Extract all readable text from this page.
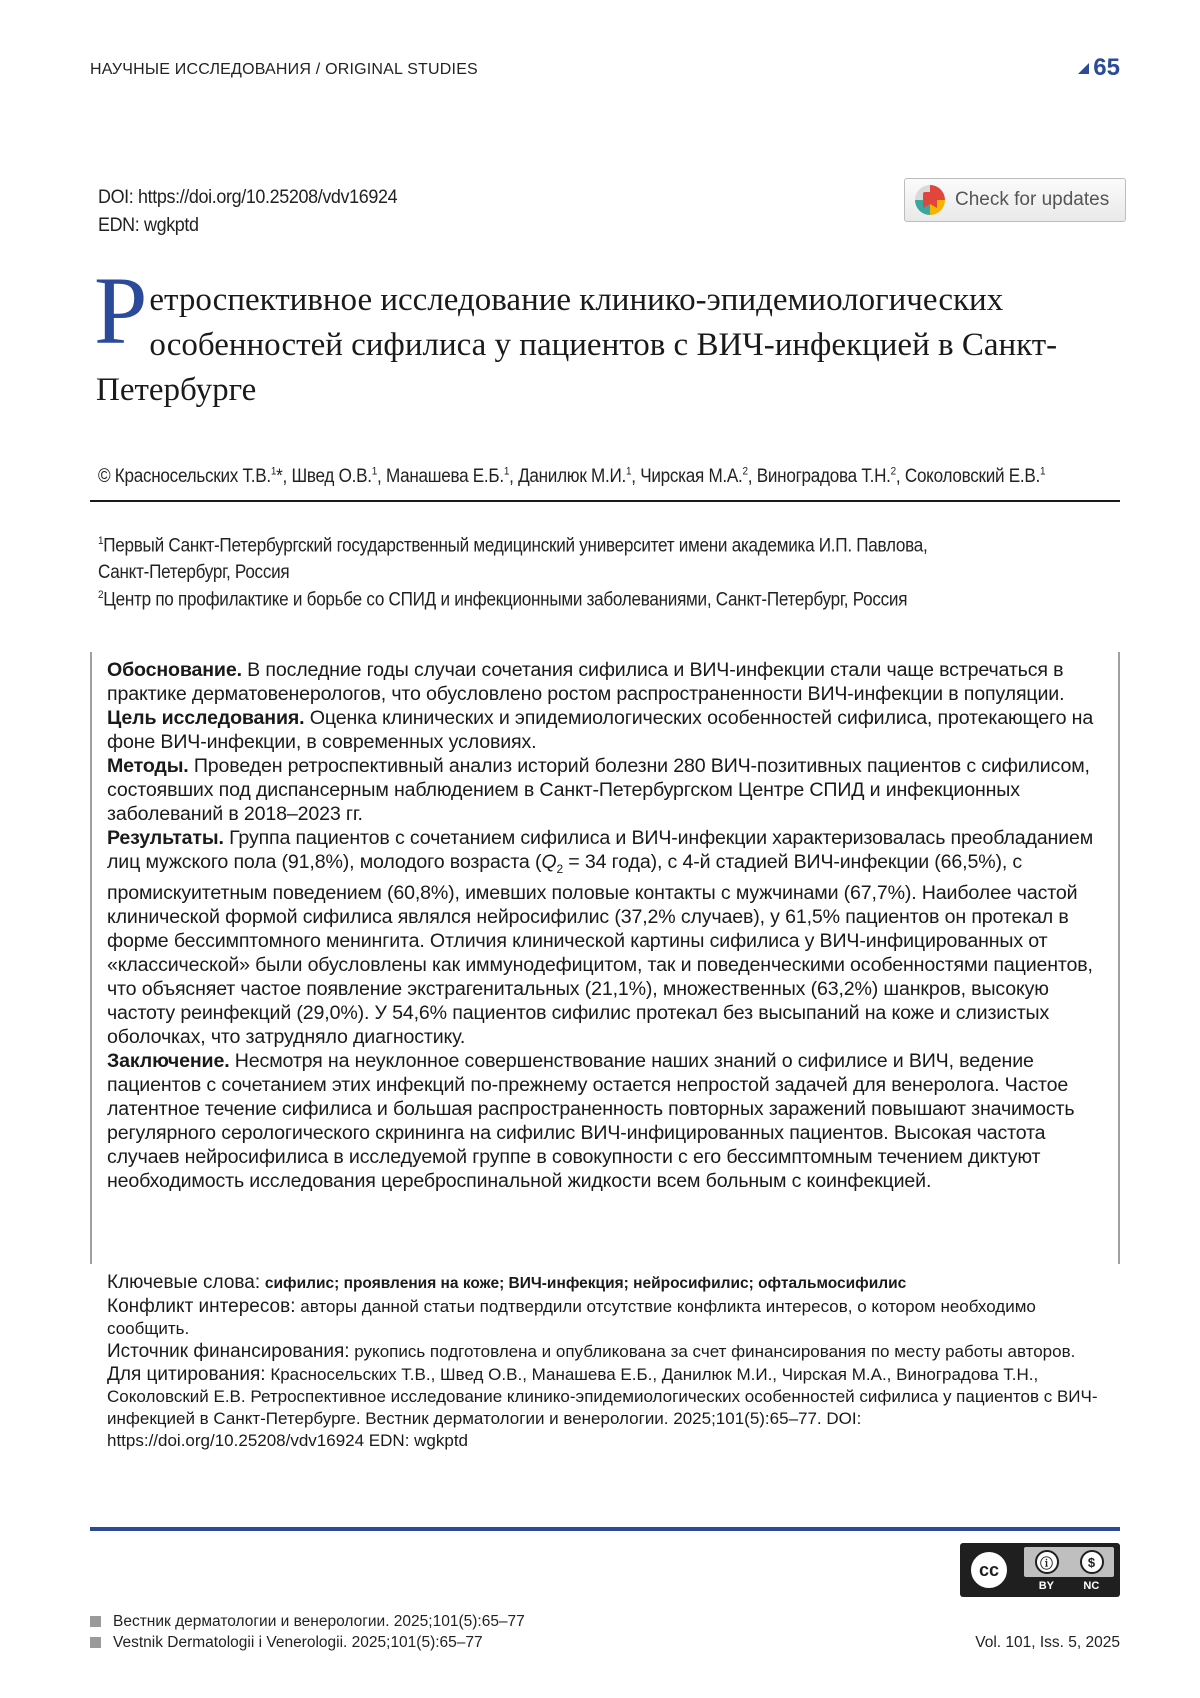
НАУЧНЫЕ ИССЛЕДОВАНИЯ / ORIGINAL STUDIES	65
DOI: https://doi.org/10.25208/vdv16924
EDN: wgkptd
Check for updates
Р етроспективное исследование клинико-эпидемиологических особенностей сифилиса у пациентов с ВИЧ-инфекцией в Санкт-Петербурге
© Красносельских Т.В.$^1$*, Швед О.В.$^1$, Манашева Е.Б.$^1$, Данилюк М.И.$^1$, Чирская М.А.$^2$, Виноградова Т.Н.$^2$, Соколовский Е.В.$^1$
$^1$Первый Санкт-Петербургский государственный медицинский университет имени академика И.П. Павлова,
Санкт-Петербург, Россия
$^2$Центр по профилактике и борьбе со СПИД и инфекционными заболеваниями, Санкт-Петербург, Россия

Обоснование. В последние годы случаи сочетания сифилиса и ВИЧ-инфекции стали чаще встречаться в практике дерматовенерологов, что обусловлено ростом распространенности ВИЧ-инфекции в популяции.

Цель исследования. Оценка клинических и эпидемиологических особенностей сифилиса, протекающего на фоне ВИЧ-инфекции, в современных условиях.

Методы. Проведен ретроспективный анализ историй болезни 280 ВИЧ-позитивных пациентов с сифилисом, состоявших под диспансерным наблюдением в Санкт-Петербургском Центре СПИД и инфекционных заболеваний в 2018–2023 гг.

Результаты. Группа пациентов с сочетанием сифилиса и ВИЧ-инфекции характеризовалась преобладанием лиц мужского пола (91,8%), молодого возраста ($Q_2 = 34$ года), с 4-й стадией ВИЧ-инфекции (66,5%), с промискуитетным поведением (60,8%), имевших половые контакты с мужчинами (67,7%). Наиболее частой клинической формой сифилиса являлся нейросифилис (37,2% случаев), у 61,5% пациентов он протекал в форме бессимптомного менингита. Отличия клинической картины сифилиса у ВИЧ-инфицированных от «классической» были обусловлены как иммунодефицитом, так и поведенческими особенностями пациентов, что объясняет частое появление экстрагенитальных (21,1%), множественных (63,2%) шанкров, высокую частоту реинфекций (29,0%). У 54,6% пациентов сифилис протекал без высыпаний на коже и слизистых оболочках, что затрудняло диагностику.

Заключение. Несмотря на неуклонное совершенствование наших знаний о сифилисе и ВИЧ, ведение пациентов с сочетанием этих инфекций по-прежнему остается непростой задачей для венеролога. Частое латентное течение сифилиса и большая распространенность повторных заражений повышают значимость регулярного серологического скрининга на сифилис ВИЧ-инфицированных пациентов. Высокая частота случаев нейросифилиса в исследуемой группе в совокупности с его бессимптомным течением диктуют необходимость исследования цереброспинальной жидкости всем больным с коинфекцией.

Ключевые слова: сифилис; проявления на коже; ВИЧ-инфекция; нейросифилис; офтальмосифилис

Конфликт интересов: авторы данной статьи подтвердили отсутствие конфликта интересов, о котором необходимо сообщить.

Источник финансирования: рукопись подготовлена и опубликована за счет финансирования по месту работы авторов.

Для цитирования: Красносельских Т.В., Швед О.В., Манашева Е.Б., Данилюк М.И., Чирская М.А., Виноградова Т.Н., Соколовский Е.В. Ретроспективное исследование клинико-эпидемиологических особенностей сифилиса у пациентов с ВИЧ-инфекцией в Санкт-Петербурге. Вестник дерматологии и венерологии. 2025;101(5):65–77. DOI: https://doi.org/10.25208/vdv16924 EDN: wgkptd

cc	ⓘ	$
BY	NC
Вестник дерматологии и венерологии. 2025;101(5):65–77
Vestnik Dermatologii i Venerologii. 2025;101(5):65–77	Vol. 101, Iss. 5, 2025
